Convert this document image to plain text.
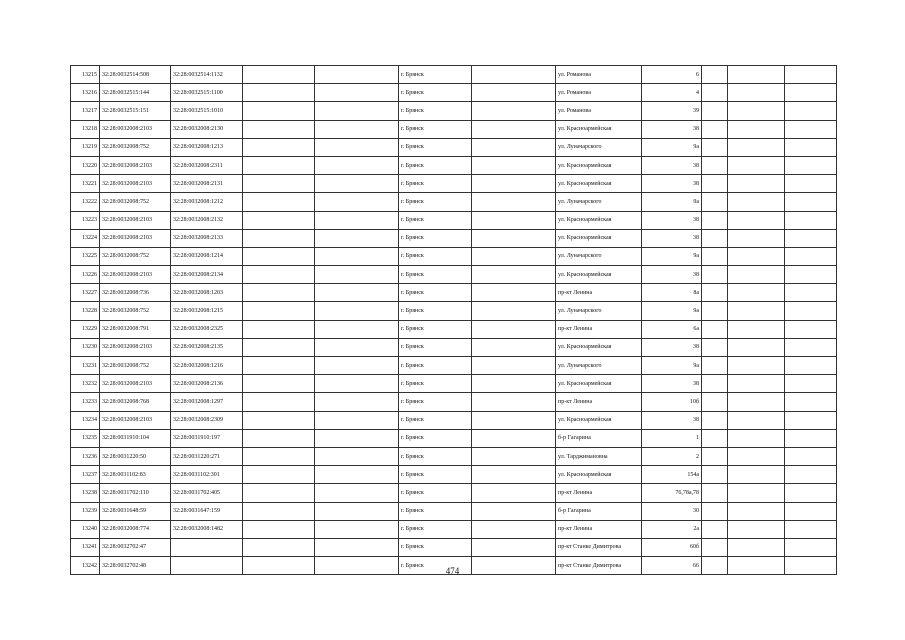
13215	32:28:0032514:508	32:28:0032514:1132			г. Брянск		ул. Романова	6			
13216	32:28:0032515:144	32:28:0032515:1100			г. Брянск		ул. Романова	4			
13217	32:28:0032515:151	32:28:0032515:1010			г. Брянск		ул. Романова	39			
13218	32:28:0032008:2103	32:28:0032008:2130			г. Брянск		ул. Красноармейская	38			
13219	32:28:0032008:752	32:28:0032008:1213			г. Брянск		ул. Луначарского	9а			
13220	32:28:0032008:2103	32:28:0032008:2311			г. Брянск		ул. Красноармейская	38			
13221	32:28:0032008:2103	32:28:0032008:2131			г. Брянск		ул. Красноармейская	38			
13222	32:28:0032008:752	32:28:0032008:1212			г. Брянск		ул. Луначарского	9а			
13223	32:28:0032008:2103	32:28:0032008:2132			г. Брянск		ул. Красноармейская	38			
13224	32:28:0032008:2103	32:28:0032008:2133			г. Брянск		ул. Красноармейская	38			
13225	32:28:0032008:752	32:28:0032008:1214			г. Брянск		ул. Луначарского	9а			
13226	32:28:0032008:2103	32:28:0032008:2134			г. Брянск		ул. Красноармейская	38			
13227	32:28:0032008:736	32:28:0032008:1203			г. Брянск		пр-кт Ленина	8а			
13228	32:28:0032008:752	32:28:0032008:1215			г. Брянск		ул. Луначарского	9а			
13229	32:28:0032008:791	32:28:0032008:2325			г. Брянск		пр-кт Ленина	6а			
13230	32:28:0032008:2103	32:28:0032008:2135			г. Брянск		ул. Красноармейская	38			
13231	32:28:0032008:752	32:28:0032008:1216			г. Брянск		ул. Луначарского	9а			
13232	32:28:0032008:2103	32:28:0032008:2136			г. Брянск		ул. Красноармейская	38			
13233	32:28:0032008:768	32:28:0032008:1297			г. Брянск		пр-кт Ленина	10б			
13234	32:28:0032008:2103	32:28:0032008:2309			г. Брянск		ул. Красноармейская	38			
13235	32:28:0031910:104	32:28:0031910:197			г. Брянск		б-р Гагарина	1			
13236	32:28:0031220:50	32:28:0031220:271			г. Брянск		ул. Тарджимановна	2			
13237	32:28:0031102:83	32:28:0031102:301			г. Брянск		ул. Красноармейская	154а			
13238	32:28:0031702:110	32:28:0031702:405			г. Брянск		пр-кт Ленина	76,78а,78			
13239	32:28:0031648:59	32:28:0031647:159			г. Брянск		б-р Гагарина	30			
13240	32:28:0032008:774	32:28:0032008:1482			г. Брянск		пр-кт Ленина	2а			
13241	32:28:0032702:47				г. Брянск		пр-кт Станке Димитрова	60б			
13242	32:28:0032702:48				г. Брянск		пр-кт Станке Димитрова	66			
474
